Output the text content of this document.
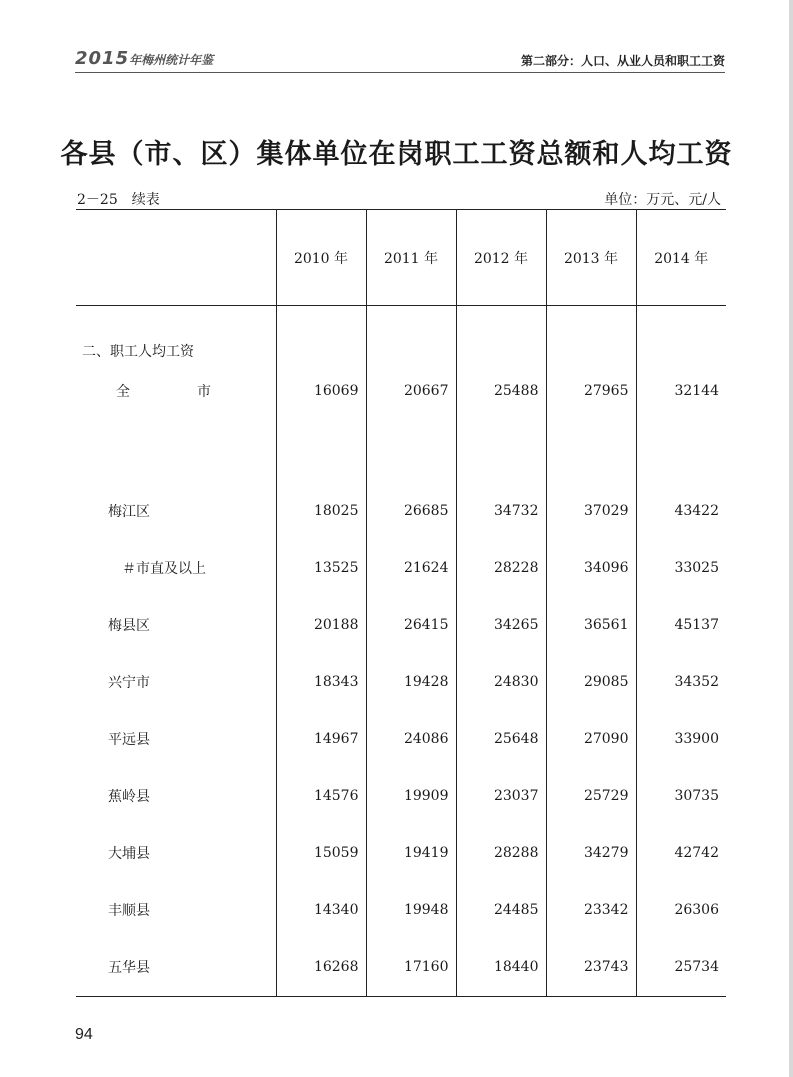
2015年梅州统计年鉴	第二部分：人口、从业人员和职工工资
各县（市、区）集体单位在岗职工工资总额和人均工资
2－25　续表	单位：万元、元/人
	2010 年	2011 年	2012 年	2013 年	2014 年
二、职工人均工资					
全　　市	16069	20667	25488	27965	32144

梅江区	18025	26685	34732	37029	43422
＃市直及以上	13525	21624	28228	34096	33025
梅县区	20188	26415	34265	36561	45137
兴宁市	18343	19428	24830	29085	34352
平远县	14967	24086	25648	27090	33900
蕉岭县	14576	19909	23037	25729	30735
大埔县	15059	19419	28288	34279	42742
丰顺县	14340	19948	24485	23342	26306
五华县	16268	17160	18440	23743	25734
94
